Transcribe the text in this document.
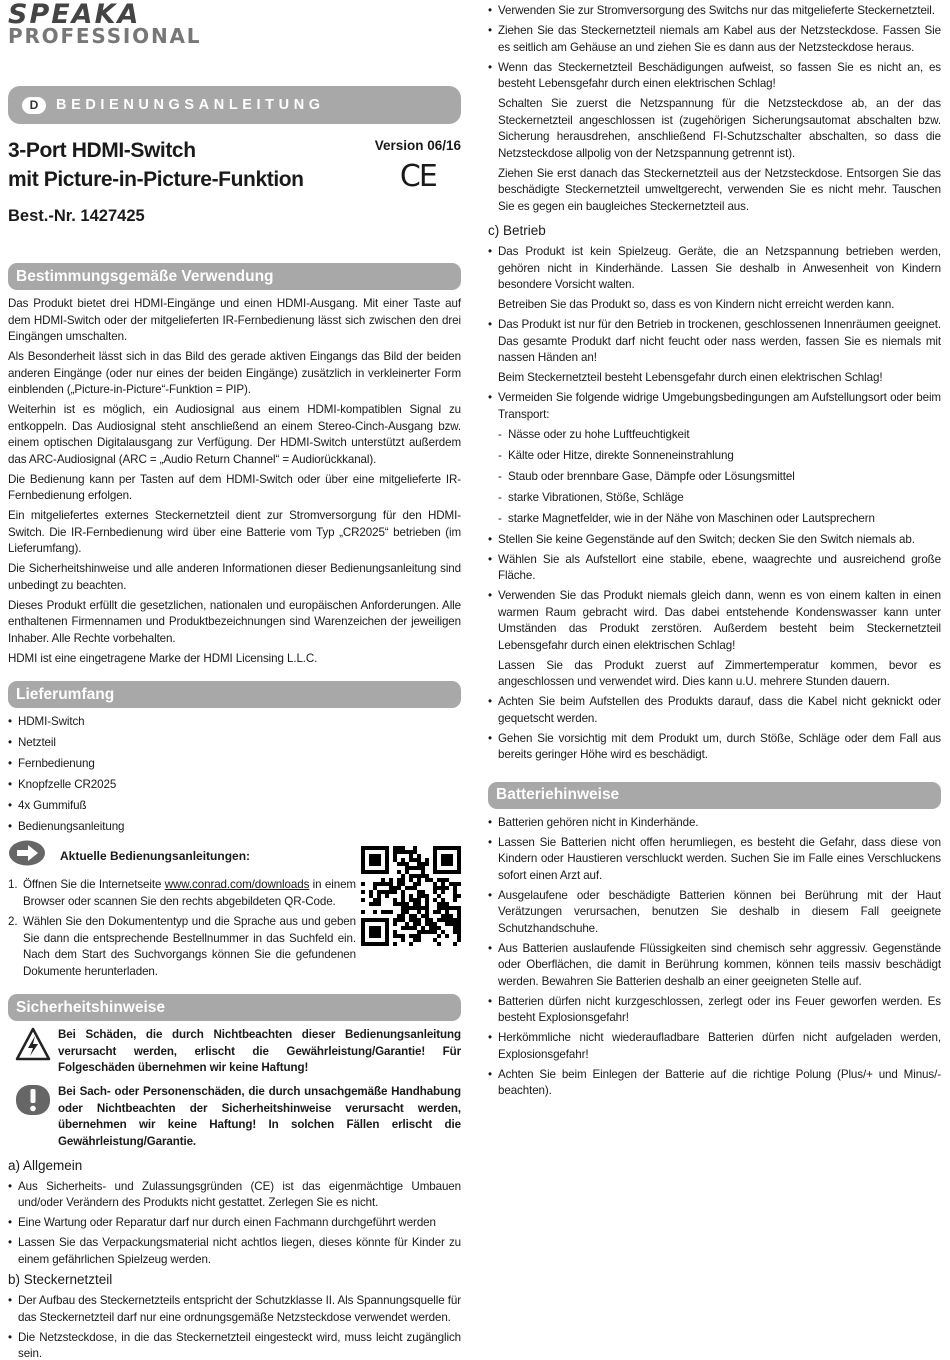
SPEAKA
PROFESSIONAL
D	BEDIENUNGSANLEITUNG
3-Port HDMI-Switch
mit Picture-in-Picture-Funktion
Best.-Nr. 1427425
Version 06/16
CE
Bestimmungsgemäße Verwendung

Das Produkt bietet drei HDMI-Eingänge und einen HDMI-Ausgang. Mit einer Taste auf dem HDMI-Switch oder der mitgelieferten IR-Fernbedienung lässt sich zwischen den drei Eingängen umschalten.

Als Besonderheit lässt sich in das Bild des gerade aktiven Eingangs das Bild der beiden anderen Eingänge (oder nur eines der beiden Eingänge) zusätzlich in verkleinerter Form einblenden („Picture-in-Picture“-Funktion = PIP).

Weiterhin ist es möglich, ein Audiosignal aus einem HDMI-kompatiblen Signal zu entkoppeln. Das Audiosignal steht anschließend an einem Stereo-Cinch-Ausgang bzw. einem optischen Digitalausgang zur Verfügung. Der HDMI-Switch unterstützt außerdem das ARC-Audiosignal (ARC = „Audio Return Channel“ = Audiorückkanal).

Die Bedienung kann per Tasten auf dem HDMI-Switch oder über eine mitgelieferte IR-Fernbedienung erfolgen.

Ein mitgeliefertes externes Steckernetzteil dient zur Stromversorgung für den HDMI-Switch. Die IR-Fernbedienung wird über eine Batterie vom Typ „CR2025“ betrieben (im Lieferumfang).

Die Sicherheitshinweise und alle anderen Informationen dieser Bedienungsanleitung sind unbedingt zu beachten.

Dieses Produkt erfüllt die gesetzlichen, nationalen und europäischen Anforderungen. Alle enthaltenen Firmennamen und Produktbezeichnungen sind Warenzeichen der jeweiligen Inhaber. Alle Rechte vorbehalten.

HDMI ist eine eingetragene Marke der HDMI Licensing L.L.C.

Lieferumfang

• HDMI-Switch

• Netzteil

• Fernbedienung

• Knopfzelle CR2025

• 4x Gummifuß

• Bedienungsanleitung

Aktuelle Bedienungsanleitungen:

1. Öffnen Sie die Internetseite www.conrad.com/downloads in einem Browser oder scannen Sie den rechts abgebildeten QR-Code.

2. Wählen Sie den Dokumententyp und die Sprache aus und geben Sie dann die entsprechende Bestellnummer in das Suchfeld ein. Nach dem Start des Suchvorgangs können Sie die gefundenen Dokumente herunterladen.

Sicherheitshinweise

Bei Schäden, die durch Nichtbeachten dieser Bedienungsanleitung verursacht werden, erlischt die Gewährleistung/Garantie! Für Folgeschäden übernehmen wir keine Haftung!

Bei Sach- oder Personenschäden, die durch unsachgemäße Handhabung oder Nichtbeachten der Sicherheitshinweise verursacht werden, übernehmen wir keine Haftung! In solchen Fällen erlischt die Gewährleistung/Garantie.

a) Allgemein

• Aus Sicherheits- und Zulassungsgründen (CE) ist das eigenmächtige Umbauen und/oder Verändern des Produkts nicht gestattet. Zerlegen Sie es nicht.

• Eine Wartung oder Reparatur darf nur durch einen Fachmann durchgeführt werden

• Lassen Sie das Verpackungsmaterial nicht achtlos liegen, dieses könnte für Kinder zu einem gefährlichen Spielzeug werden.

b) Steckernetzteil

• Der Aufbau des Steckernetzteils entspricht der Schutzklasse II. Als Spannungsquelle für das Steckernetzteil darf nur eine ordnungsgemäße Netzsteckdose verwendet werden.

• Die Netzsteckdose, in die das Steckernetzteil eingesteckt wird, muss leicht zugänglich sein.

• Verwenden Sie zur Stromversorgung des Switchs nur das mitgelieferte Steckernetzteil.

• Ziehen Sie das Steckernetzteil niemals am Kabel aus der Netzsteckdose. Fassen Sie es seitlich am Gehäuse an und ziehen Sie es dann aus der Netzsteckdose heraus.

• Wenn das Steckernetzteil Beschädigungen aufweist, so fassen Sie es nicht an, es besteht Lebensgefahr durch einen elektrischen Schlag!

Schalten Sie zuerst die Netzspannung für die Netzsteckdose ab, an der das Steckernetzteil angeschlossen ist (zugehörigen Sicherungsautomat abschalten bzw. Sicherung herausdrehen, anschließend FI-Schutzschalter abschalten, so dass die Netzsteckdose allpolig von der Netzspannung getrennt ist).

Ziehen Sie erst danach das Steckernetzteil aus der Netzsteckdose. Entsorgen Sie das beschädigte Steckernetzteil umweltgerecht, verwenden Sie es nicht mehr. Tauschen Sie es gegen ein baugleiches Steckernetzteil aus.

c) Betrieb

• Das Produkt ist kein Spielzeug. Geräte, die an Netzspannung betrieben werden, gehören nicht in Kinderhände. Lassen Sie deshalb in Anwesenheit von Kindern besondere Vorsicht walten.

Betreiben Sie das Produkt so, dass es von Kindern nicht erreicht werden kann.

• Das Produkt ist nur für den Betrieb in trockenen, geschlossenen Innenräumen geeignet. Das gesamte Produkt darf nicht feucht oder nass werden, fassen Sie es niemals mit nassen Händen an!

Beim Steckernetzteil besteht Lebensgefahr durch einen elektrischen Schlag!

• Vermeiden Sie folgende widrige Umgebungsbedingungen am Aufstellungsort oder beim Transport:

- Nässe oder zu hohe Luftfeuchtigkeit

- Kälte oder Hitze, direkte Sonneneinstrahlung

- Staub oder brennbare Gase, Dämpfe oder Lösungsmittel

- starke Vibrationen, Stöße, Schläge

- starke Magnetfelder, wie in der Nähe von Maschinen oder Lautsprechern

• Stellen Sie keine Gegenstände auf den Switch; decken Sie den Switch niemals ab.

• Wählen Sie als Aufstellort eine stabile, ebene, waagrechte und ausreichend große Fläche.

• Verwenden Sie das Produkt niemals gleich dann, wenn es von einem kalten in einen warmen Raum gebracht wird. Das dabei entstehende Kondenswasser kann unter Umständen das Produkt zerstören. Außerdem besteht beim Steckernetzteil Lebensgefahr durch einen elektrischen Schlag!

Lassen Sie das Produkt zuerst auf Zimmertemperatur kommen, bevor es angeschlossen und verwendet wird. Dies kann u.U. mehrere Stunden dauern.

• Achten Sie beim Aufstellen des Produkts darauf, dass die Kabel nicht geknickt oder gequetscht werden.

• Gehen Sie vorsichtig mit dem Produkt um, durch Stöße, Schläge oder dem Fall aus bereits geringer Höhe wird es beschädigt.

Batteriehinweise

• Batterien gehören nicht in Kinderhände.

• Lassen Sie Batterien nicht offen herumliegen, es besteht die Gefahr, dass diese von Kindern oder Haustieren verschluckt werden. Suchen Sie im Falle eines Verschluckens sofort einen Arzt auf.

• Ausgelaufene oder beschädigte Batterien können bei Berührung mit der Haut Verätzungen verursachen, benutzen Sie deshalb in diesem Fall geeignete Schutzhandschuhe.

• Aus Batterien auslaufende Flüssigkeiten sind chemisch sehr aggressiv. Gegenstände oder Oberflächen, die damit in Berührung kommen, können teils massiv beschädigt werden. Bewahren Sie Batterien deshalb an einer geeigneten Stelle auf.

• Batterien dürfen nicht kurzgeschlossen, zerlegt oder ins Feuer geworfen werden. Es besteht Explosionsgefahr!

• Herkömmliche nicht wiederaufladbare Batterien dürfen nicht aufgeladen werden, Explosionsgefahr!

• Achten Sie beim Einlegen der Batterie auf die richtige Polung (Plus/+ und Minus/- beachten).
